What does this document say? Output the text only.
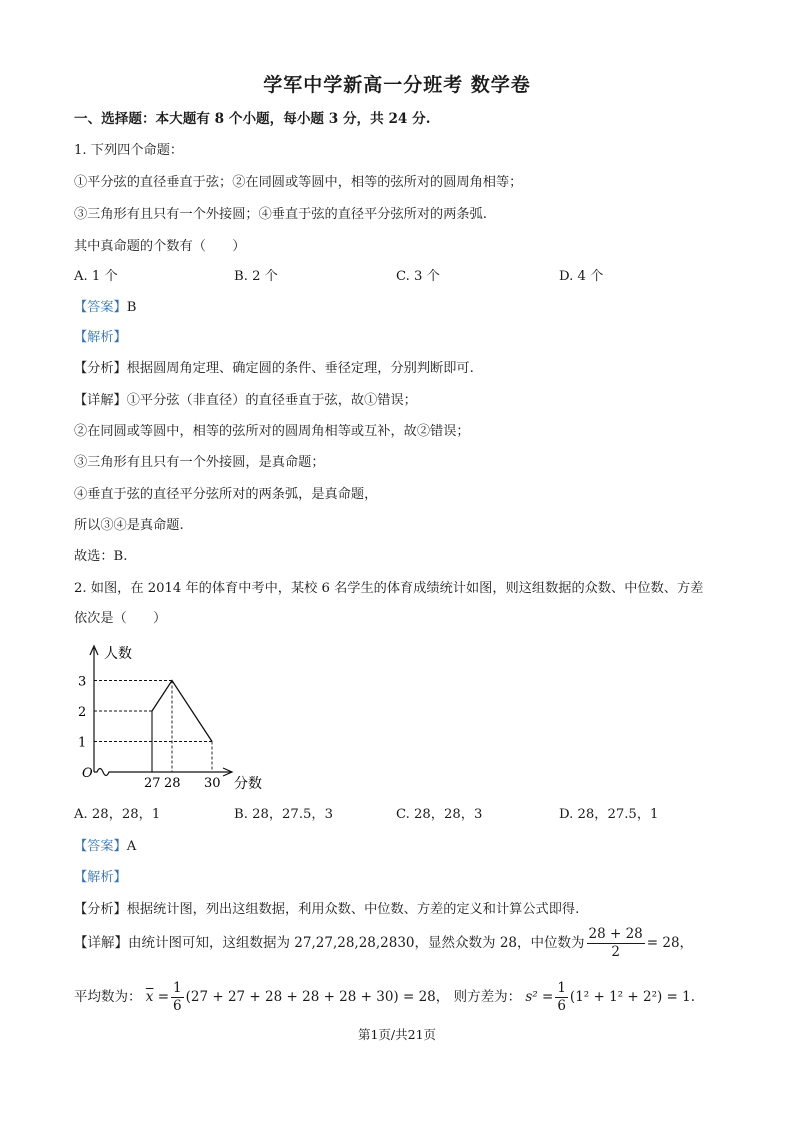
学军中学新高一分班考 数学卷
一、选择题：本大题有 8 个小题，每小题 3 分，共 24 分.
1. 下列四个命题：
①平分弦的直径垂直于弦；②在同圆或等圆中，相等的弦所对的圆周角相等；
③三角形有且只有一个外接圆；④垂直于弦的直径平分弦所对的两条弧.
其中真命题的个数有（　　）
A. 1 个	B. 2 个	C. 3 个	D. 4 个
【答案】B
【解析】
【分析】根据圆周角定理、确定圆的条件、垂径定理，分别判断即可.
【详解】①平分弦（非直径）的直径垂直于弦，故①错误；
②在同圆或等圆中，相等的弦所对的圆周角相等或互补，故②错误；
③三角形有且只有一个外接圆，是真命题；
④垂直于弦的直径平分弦所对的两条弧，是真命题，
所以③④是真命题.
故选：B.
2. 如图，在 2014 年的体育中考中，某校 6 名学生的体育成绩统计如图，则这组数据的众数、中位数、方差
依次是（　　）
人数
分数
O
1
2
3
27 28 30
A. 28，28，1	B. 28，27.5，3	C. 28，28，3	D. 28，27.5，1
【答案】A
【解析】
【分析】根据统计图，列出这组数据，利用众数、中位数、方差的定义和计算公式即得.
【详解】由统计图可知，这组数据为 27,27,28,28,2830，显然众数为 28，中位数为 $\frac{28 + 28}{2} = 28$，
平均数为： $\overline{x} = \frac{1}{6} (27 + 27 + 28 + 28 + 28 + 30) = 28$， 则方差为： $s^2 = \frac{1}{6} (1^2 + 1^2 + 2^2) = 1$.
第1页/共21页
